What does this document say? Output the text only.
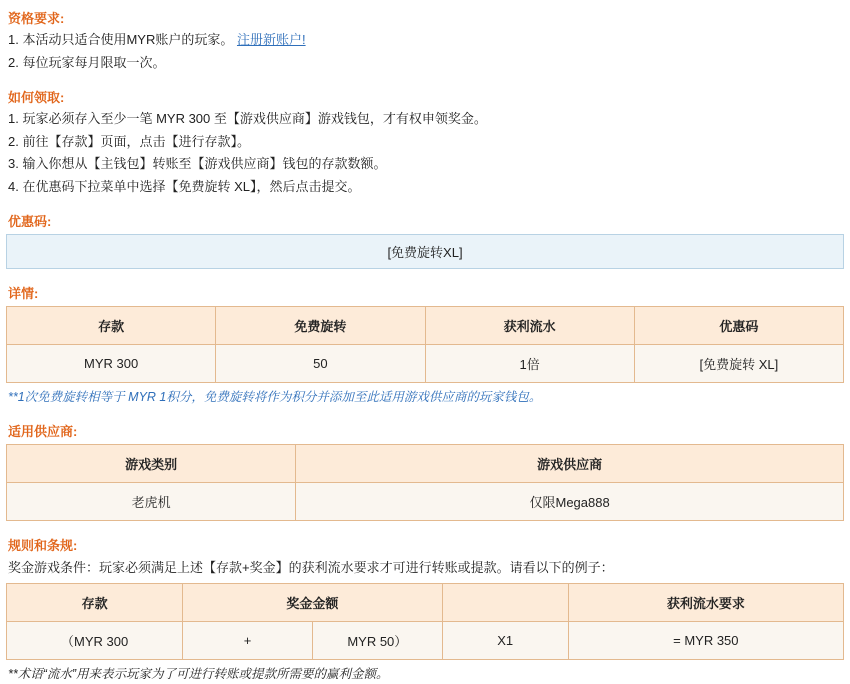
资格要求:
1. 本活动只适合使用MYR账户的玩家。 注册新账户!
2. 每位玩家每月限取一次。
如何领取:
1. 玩家必须存入至少一笔 MYR 300 至【游戏供应商】游戏钱包，才有权申领奖金。
2. 前往【存款】页面，点击【进行存款】。
3. 输入你想从【主钱包】转账至【游戏供应商】钱包的存款数额。
4. 在优惠码下拉菜单中选择【免费旋转 XL】，然后点击提交。
优惠码:
[免费旋转XL]
详情:
存款	免费旋转	获利流水	优惠码
MYR 300	50	1倍	[免费旋转 XL]
**1次免费旋转相等于 MYR 1积分，免费旋转将作为积分并添加至此适用游戏供应商的玩家钱包。
适用供应商:
游戏类别	游戏供应商
老虎机	仅限Mega888
规则和条规:
奖金游戏条件：玩家必须满足上述【存款+奖金】的获利流水要求才可进行转账或提款。请看以下的例子：
存款	奖金金额			获利流水要求
（MYR 300	+	MYR 50）	X1	= MYR 350
**术语“流水”用来表示玩家为了可进行转账或提款所需要的赢利金额。
